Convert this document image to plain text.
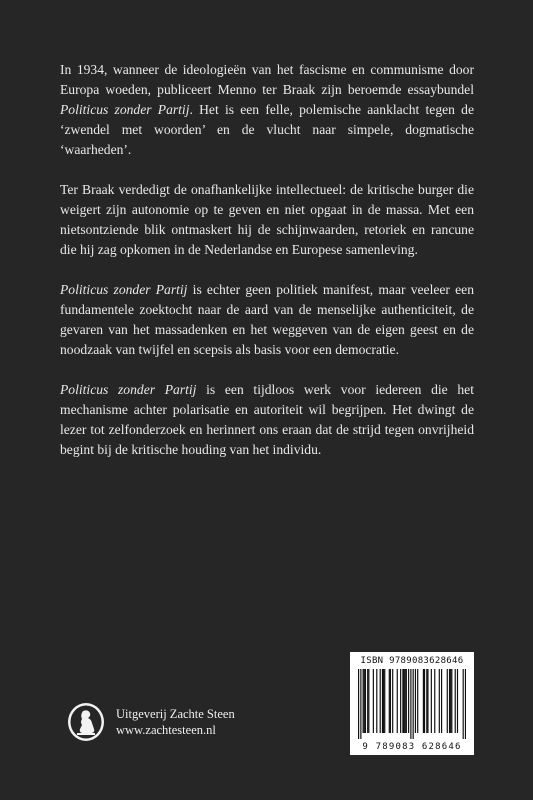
In 1934, wanneer de ideologieën van het fascisme en communisme door Europa woeden, publiceert Menno ter Braak zijn beroemde essaybundel Politicus zonder Partij. Het is een felle, polemische aanklacht tegen de ‘zwendel met woorden’ en de vlucht naar simpele, dogmatische ‘waarheden’.

Ter Braak verdedigt de onafhankelijke intellectueel: de kritische burger die weigert zijn autonomie op te geven en niet opgaat in de massa. Met een nietsontziende blik ontmaskert hij de schijnwaarden, retoriek en rancune die hij zag opkomen in de Nederlandse en Europese samenleving.

Politicus zonder Partij is echter geen politiek manifest, maar veeleer een fundamentele zoektocht naar de aard van de menselijke authenticiteit, de gevaren van het massadenken en het weggeven van de eigen geest en de noodzaak van twijfel en scepsis als basis voor een democratie.

Politicus zonder Partij is een tijdloos werk voor iedereen die het mechanisme achter polarisatie en autoriteit wil begrijpen. Het dwingt de lezer tot zelfonderzoek en herinnert ons eraan dat de strijd tegen onvrijheid begint bij de kritische houding van het individu.

Uitgeverij Zachte Steen
www.zachtesteen.nl
ISBN 9789083628646
9 789083 628646
